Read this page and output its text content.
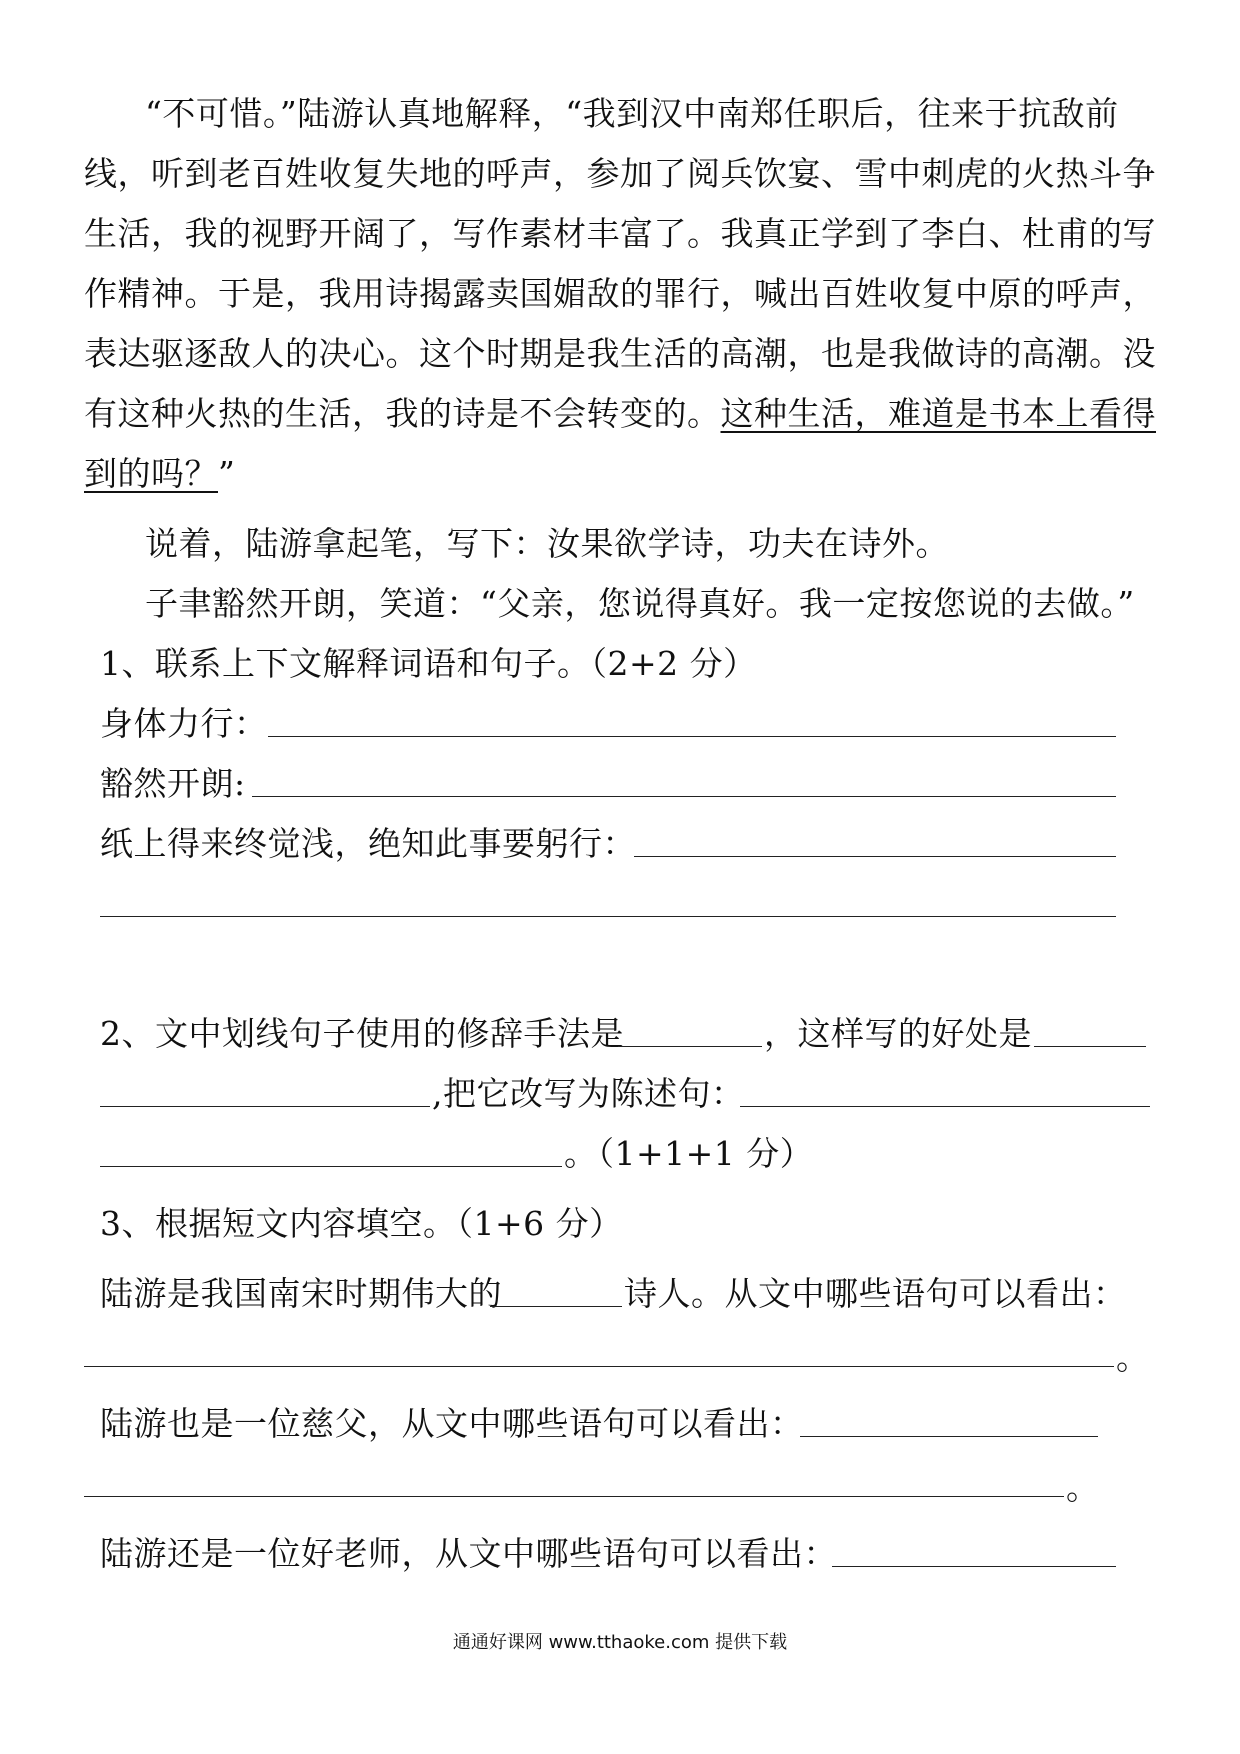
“不可惜。”陆游认真地解释，“我到汉中南郑任职后，往来于抗敌前
线，听到老百姓收复失地的呼声，参加了阅兵饮宴、雪中刺虎的火热斗争
生活，我的视野开阔了，写作素材丰富了。我真正学到了李白、杜甫的写
作精神。于是，我用诗揭露卖国媚敌的罪行，喊出百姓收复中原的呼声，
表达驱逐敌人的决心。这个时期是我生活的高潮，也是我做诗的高潮。没
有这种火热的生活，我的诗是不会转变的。这种生活，难道是书本上看得
到的吗？”
说着，陆游拿起笔，写下：汝果欲学诗，功夫在诗外。
子聿豁然开朗，笑道：“父亲，您说得真好。我一定按您说的去做。”
1、联系上下文解释词语和句子。（2+2 分）
身体力行：
豁然开朗:
纸上得来终觉浅，绝知此事要躬行：
2、文中划线句子使用的修辞手法是	，这样写的好处是
,把它改写为陈述句：
。（1+1+1 分）
3、根据短文内容填空。（1+6 分）
陆游是我国南宋时期伟大的	诗人。从文中哪些语句可以看出：
。
陆游也是一位慈父，从文中哪些语句可以看出：
。
陆游还是一位好老师，从文中哪些语句可以看出：
通通好课网 www.tthaoke.com 提供下载
